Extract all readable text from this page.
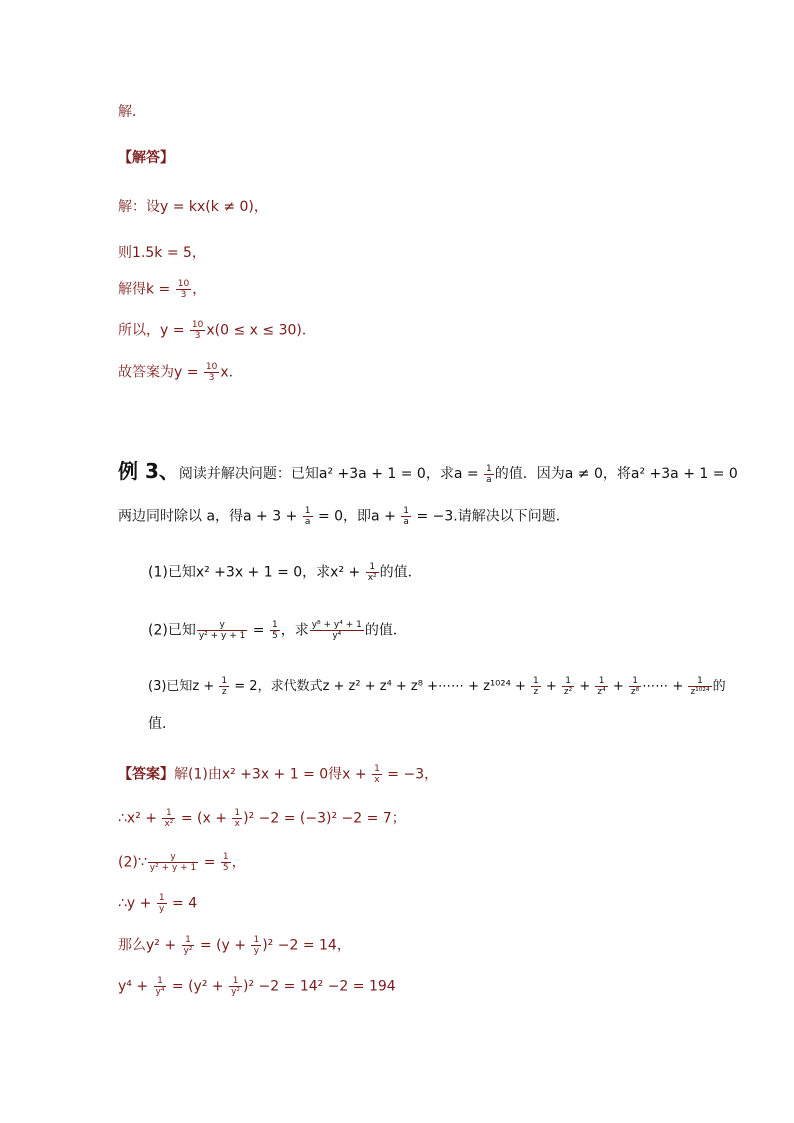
解．
【解答】
解：设y = kx(k ≠ 0)，
则1.5k = 5，
解得$k = \frac{10}{3}$ ，
所以，$y = \frac{10}{3} x(0 \le x \le 30)$．
故答案为$y = \frac{10}{3}$ x．
例 3、阅读并解决问题：已知a² +3a + 1 = 0，求$a = \frac{1}{a}$ 的值．因为a ≠ 0，将a² +3a + 1 = 0
两边同时除以 a，得$a + 3 + \frac{1}{a} = 0$，即$a + \frac{1}{a} = -3$.请解决以下问题．
(1)已知x² +3x + 1 = 0，求$x^2 + \frac{1}{\text{x²}}$ 的值．
(2)已知 $\frac{y}{\text{y² + y + 1}} = \frac{1}{5}$ ，求 $\frac{\text{y⁸ + y⁴ + 1}}{\text{y⁴}}$ 的值．
(3)已知$z + \frac{1}{z} = 2$，求代数式z + z² + z⁴ + z⁸ +⋯⋯ + $z^{1024} + \frac{1}{z} + \frac{1}{\text{z²}} + \frac{1}{\text{z⁴}} + \frac{1}{\text{z⁸}}$ ⋯⋯ + $\frac{1}{\text{z¹⁰²⁴}}$ 的
值．
【答案】解(1)由x² +3x + 1 = 0得$x + \frac{1}{x} = -3$，
∴x² + $\frac{1}{\text{x²}} = (x + \frac{1}{x} )^2 -2 = (-3)^2 -2 = 7$；
(2)∵ $\frac{y}{\text{y² + y + 1}} = \frac{1}{5}$ ，
∴y + $\frac{1}{y} = 4$
那么$y^2 + \frac{1}{\text{y²}} = (y + \frac{1}{y} )^2 -2 = 14$，
$y^4 + \frac{1}{\text{y⁴}} = (y^2 + \frac{1}{\text{y²}} )^2 -2 = 14^2 -2 = 194$
